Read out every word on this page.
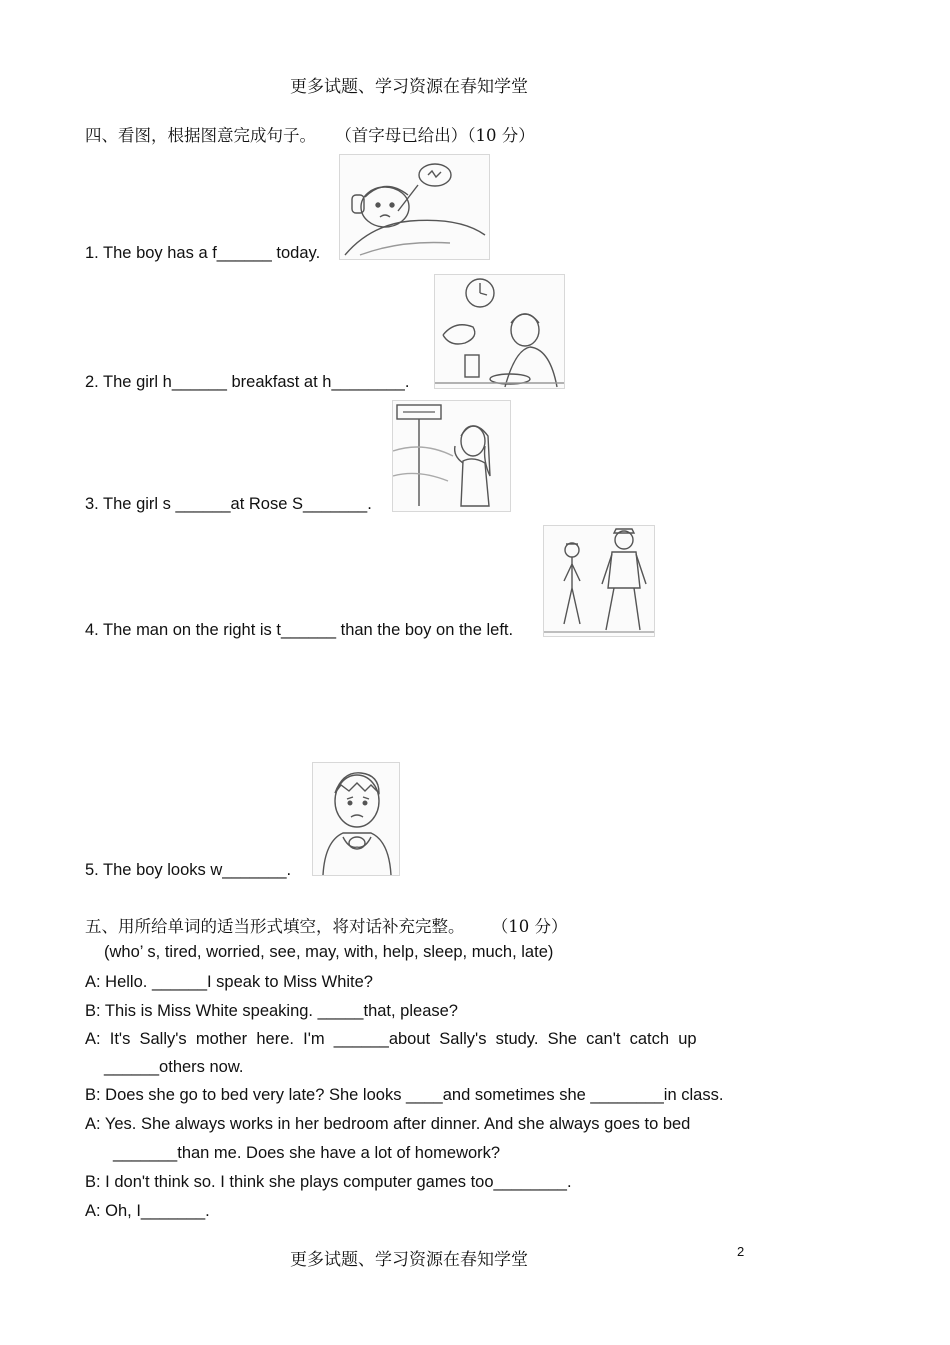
更多试题、学习资源在春知学堂
四、看图，根据图意完成句子。 （首字母已给出）（10 分）
1. The boy has a f______ today.
2. The girl h______ breakfast at h________.
3. The girl s ______at Rose S_______.
4. The man on the right is t______ than the boy on the left.
5. The boy looks w_______.
五、用所给单词的适当形式填空，将对话补充完整。 （10 分）
(who’ s, tired, worried, see, may, with, help, sleep, much, late)
A: Hello. ______I speak to Miss White?
B: This is Miss White speaking. _____that, please?
A:  It's  Sally's  mother  here.  I'm  ______about  Sally's  study.  She  can't  catch  up
______others now.
B: Does she go to bed very late? She looks ____and sometimes she ________in class.
A: Yes. She always works in her bedroom after dinner. And she always goes to bed
_______than me. Does she have a lot of homework?
B: I don't think so. I think she plays computer games too________.
A: Oh, I_______.
更多试题、学习资源在春知学堂	2
